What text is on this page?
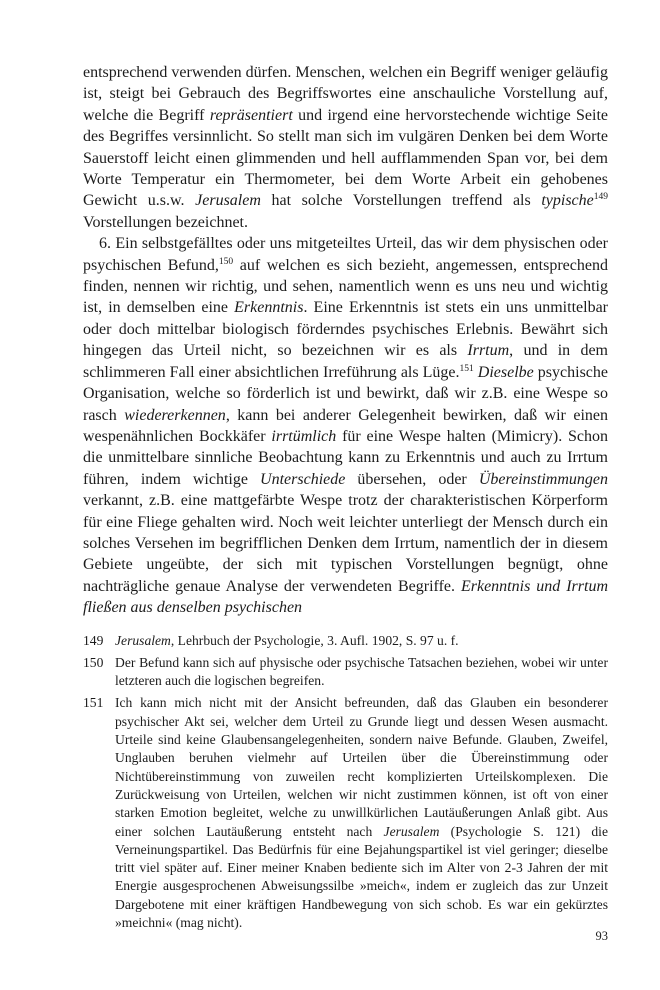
entsprechend verwenden dürfen. Menschen, welchen ein Begriff weniger geläufig ist, steigt bei Gebrauch des Begriffswortes eine anschauliche Vorstellung auf, welche die Begriff repräsentiert und irgend eine hervorstechende wichtige Seite des Begriffes versinnlicht. So stellt man sich im vulgären Denken bei dem Worte Sauerstoff leicht einen glimmenden und hell aufflammenden Span vor, bei dem Worte Temperatur ein Thermometer, bei dem Worte Arbeit ein gehobenes Gewicht u.s.w. Jerusalem hat solche Vorstellungen treffend als typische$^{149}$ Vorstellungen bezeichnet.

6. Ein selbstgefälltes oder uns mitgeteiltes Urteil, das wir dem physischen oder psychischen Befund,$^{150}$ auf welchen es sich bezieht, angemessen, entsprechend finden, nennen wir richtig, und sehen, namentlich wenn es uns neu und wichtig ist, in demselben eine Erkenntnis. Eine Erkenntnis ist stets ein uns unmittelbar oder doch mittelbar biologisch förderndes psychisches Erlebnis. Bewährt sich hingegen das Urteil nicht, so bezeichnen wir es als Irrtum, und in dem schlimmeren Fall einer absichtlichen Irreführung als Lüge.$^{151}$ Dieselbe psychische Organisation, welche so förderlich ist und bewirkt, daß wir z.B. eine Wespe so rasch wiedererkennen, kann bei anderer Gelegenheit bewirken, daß wir einen wespenähnlichen Bockkäfer irrtümlich für eine Wespe halten (Mimicry). Schon die unmittelbare sinnliche Beobachtung kann zu Erkenntnis und auch zu Irrtum führen, indem wichtige Unterschiede übersehen, oder Übereinstimmungen verkannt, z.B. eine mattgefärbte Wespe trotz der charakteristischen Körperform für eine Fliege gehalten wird. Noch weit leichter unterliegt der Mensch durch ein solches Versehen im begrifflichen Denken dem Irrtum, namentlich der in diesem Gebiete ungeübte, der sich mit typischen Vorstellungen begnügt, ohne nachträgliche genaue Analyse der verwendeten Begriffe. Erkenntnis und Irrtum fließen aus denselben psychischen

149 Jerusalem, Lehrbuch der Psychologie, 3. Aufl. 1902, S. 97 u. f.
150 Der Befund kann sich auf physische oder psychische Tatsachen beziehen, wobei wir unter letzteren auch die logischen begreifen.
151 Ich kann mich nicht mit der Ansicht befreunden, daß das Glauben ein besonderer psychischer Akt sei, welcher dem Urteil zu Grunde liegt und dessen Wesen ausmacht. Urteile sind keine Glaubensangelegenheiten, sondern naive Befunde. Glauben, Zweifel, Unglauben beruhen vielmehr auf Urteilen über die Übereinstimmung oder Nichtübereinstimmung von zuweilen recht komplizierten Urteilskomplexen. Die Zurückweisung von Urteilen, welchen wir nicht zustimmen können, ist oft von einer starken Emotion begleitet, welche zu unwillkürlichen Lautäußerungen Anlaß gibt. Aus einer solchen Lautäußerung entsteht nach Jerusalem (Psychologie S. 121) die Verneinungspartikel. Das Bedürfnis für eine Bejahungspartikel ist viel geringer; dieselbe tritt viel später auf. Einer meiner Knaben bediente sich im Alter von 2-3 Jahren der mit Energie ausgesprochenen Abweisungssilbe »meich«, indem er zugleich das zur Unzeit Dargebotene mit einer kräftigen Handbewegung von sich schob. Es war ein gekürztes »meichni« (mag nicht).
93
